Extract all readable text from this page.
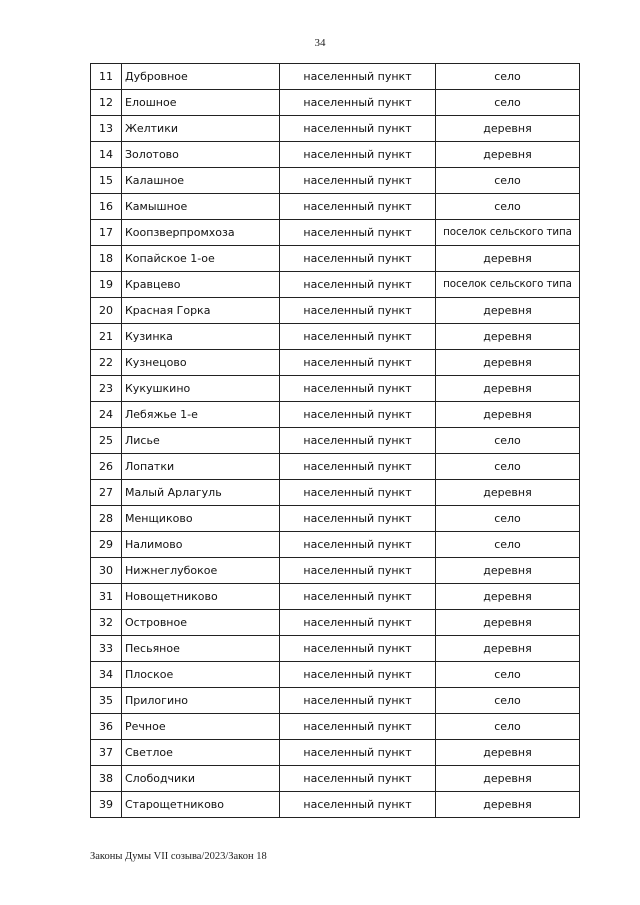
34
11	Дубровное	населенный пункт	село
12	Елошное	населенный пункт	село
13	Желтики	населенный пункт	деревня
14	Золотово	населенный пункт	деревня
15	Калашное	населенный пункт	село
16	Камышное	населенный пункт	село
17	Коопзверпромхоза	населенный пункт	поселок сельского типа
18	Копайское 1-ое	населенный пункт	деревня
19	Кравцево	населенный пункт	поселок сельского типа
20	Красная Горка	населенный пункт	деревня
21	Кузинка	населенный пункт	деревня
22	Кузнецово	населенный пункт	деревня
23	Кукушкино	населенный пункт	деревня
24	Лебяжье 1-е	населенный пункт	деревня
25	Лисье	населенный пункт	село
26	Лопатки	населенный пункт	село
27	Малый Арлагуль	населенный пункт	деревня
28	Менщиково	населенный пункт	село
29	Налимово	населенный пункт	село
30	Нижнеглубокое	населенный пункт	деревня
31	Новощетниково	населенный пункт	деревня
32	Островное	населенный пункт	деревня
33	Песьяное	населенный пункт	деревня
34	Плоское	населенный пункт	село
35	Прилогино	населенный пункт	село
36	Речное	населенный пункт	село
37	Светлое	населенный пункт	деревня
38	Слободчики	населенный пункт	деревня
39	Старощетниково	населенный пункт	деревня
Законы Думы VII созыва/2023/Закон 18
